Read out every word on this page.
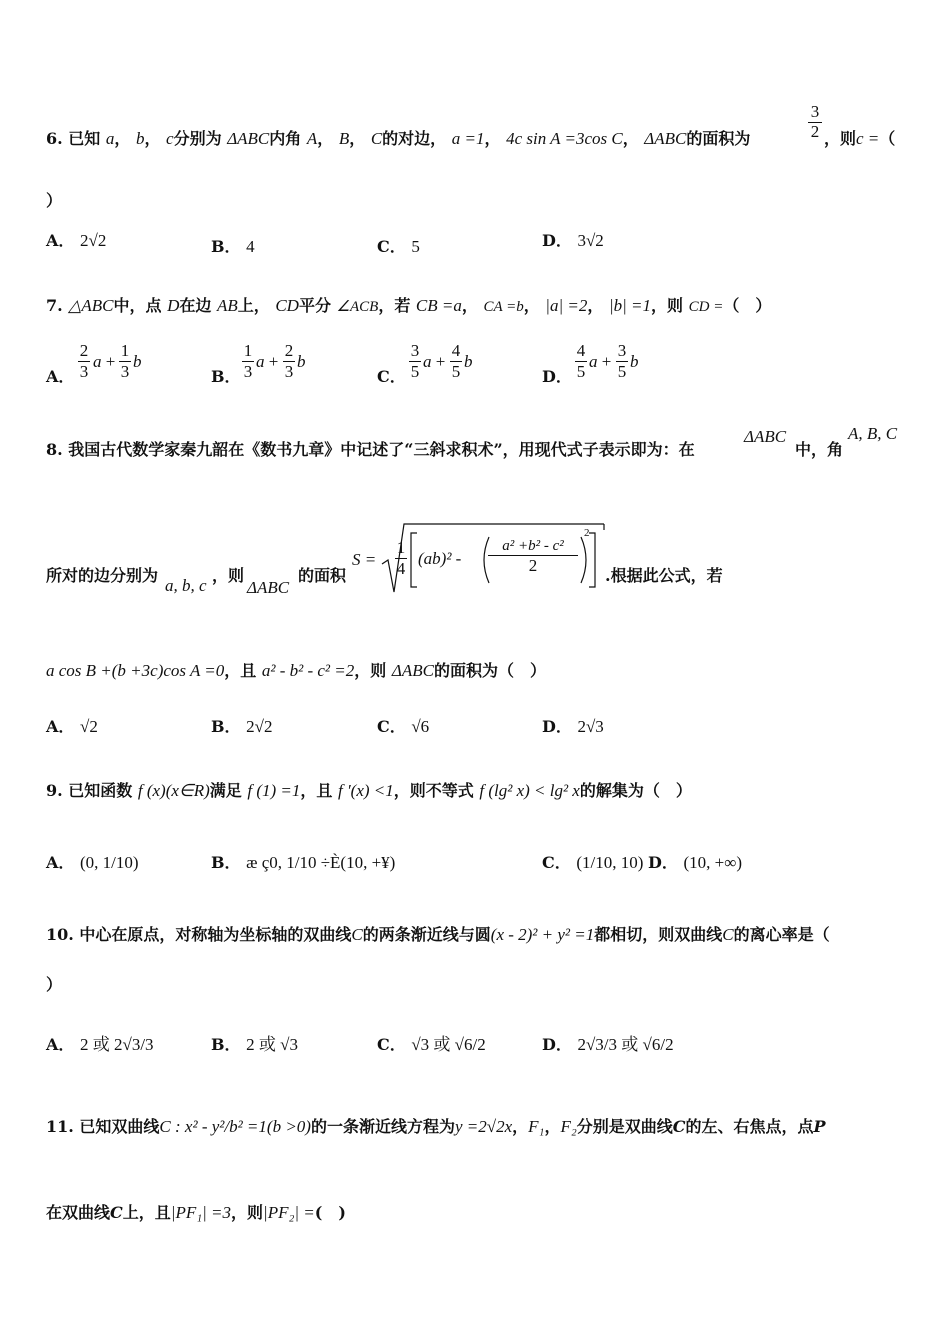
6. 已知 a， b， c分别为 ΔABC内角 A， B， C的对边， a =1， 4c sin A =3cos C， ΔABC的面积为	$\frac{3}{2}$ ，则c =（
）
A． 2√2	B． 4	C． 5	D． 3√2
7. △ABC中，点 D在边 AB上， CD平分 ∠ACB，若 CB =a， CA =b， |a| =2， |b| =1，则 CD =（　）
A． $\frac{2}{3}$ $a + \frac{1}{3}$ b
B． $\frac{1}{3}$ $a + \frac{2}{3}$ b
C． $\frac{3}{5}$ $a + \frac{4}{5}$ b
D． $\frac{4}{5}$ $a + \frac{3}{5}$ b
8. 我国古代数学家秦九韶在《数书九章》中记述了“三斜求积术”，用现代式子表示即为：在
ΔABC
中，角
A, B, C
所对的边分别为
a, b, c
，则
ΔABC
的面积
$S = \frac{1}{4} (ab)^2 - \frac{\text{a² +b² - c²}}{2}$
2
.根据此公式，若
a cos B +(b +3c)cos A =0，且 a² - b² - c² =2，则 ΔABC的面积为（　）
A． √2	B． 2√2	C． √6	D． 2√3
9. 已知函数 f (x)(x∈R)满足 f (1) =1，且 f ′(x) <1，则不等式 f (lg² x) < lg² x的解集为（　）
A． (0, 1/10)	B． æ ç0, 1/10 ÷È(10, +¥)	C． (1/10, 10) D． (10, +∞)
10. 中心在原点，对称轴为坐标轴的双曲线C的两条渐近线与圆(x - 2)² + y² =1都相切，则双曲线C的离心率是（
）
A． 2 或 2√3/3	B． 2 或 √3	C． √3 或 √6/2	D． 2√3/3 或 √6/2
11. 已知双曲线C : x² - y²/b² =1(b >0)的一条渐近线方程为y =2√2x，F₁，F₂分别是双曲线C的左、右焦点，点P
在双曲线C上，且|PF₁| =3，则|PF₂| =(　)
